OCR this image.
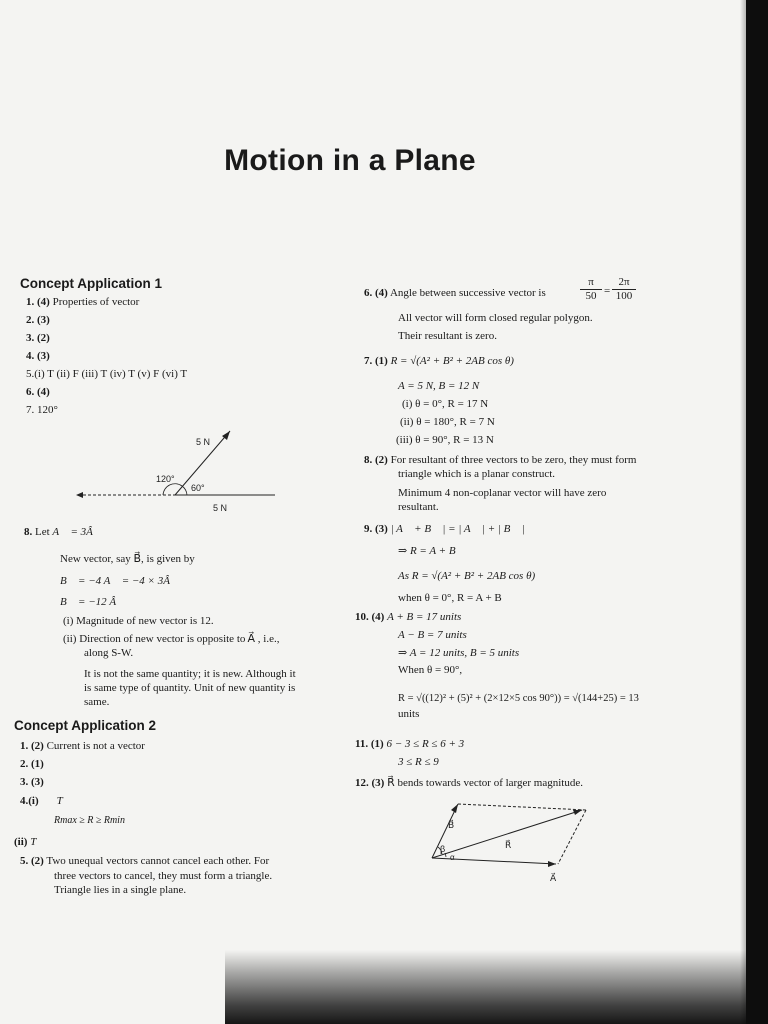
Motion in a Plane
Concept Application 1
1. (4) Properties of vector
2. (3)
3. (2)
4. (3)
5.(i) T (ii) F (iii) T (iv) T (v) F (vi) T
6. (4)
7. 120°
5 N
120°
60°
5 N
8. Let A⃗ = 3Â
New vector, say B⃗, is given by
B⃗ = −4 A⃗ = −4 × 3Â
B⃗ = −12 Â
(i) Magnitude of new vector is 12.
(ii) Direction of new vector is opposite to A⃗ , i.e.,
along S-W.
It is not the same quantity; it is new. Although it
is same type of quantity. Unit of new quantity is
same.
Concept Application 2
1. (2) Current is not a vector
2. (1)
3. (3)
4.(i) T
Rmax ≥ R ≥ Rmin
(ii) T
5. (2) Two unequal vectors cannot cancel each other. For
three vectors to cancel, they must form a triangle.
Triangle lies in a single plane.
6. (4) Angle between successive vector is	$\frac{\pi}{50} = \frac{2\pi}{100}$
All vector will form closed regular polygon.
Their resultant is zero.
7. (1) R = √(A² + B² + 2AB cos θ)
A = 5 N, B = 12 N
(i) θ = 0°, R = 17 N
(ii) θ = 180°, R = 7 N
(iii) θ = 90°, R = 13 N
8. (2) For resultant of three vectors to be zero, they must form
triangle which is a planar construct.
Minimum 4 non-coplanar vector will have zero
resultant.
9. (3) | A⃗ + B⃗ | = | A⃗ | + | B⃗ |
⇒ R = A + B
As R = √(A² + B² + 2AB cos θ)
when θ = 0°, R = A + B
10. (4) A + B = 17 units
A − B = 7 units
⇒ A = 12 units, B = 5 units
When θ = 90°,
R = √((12)² + (5)² + (2×12×5 cos 90°)) = √(144+25) = 13
units
11. (1) 6 − 3 ≤ R ≤ 6 + 3
3 ≤ R ≤ 9
12. (3) R⃗ bends towards vector of larger magnitude.
B⃗
R⃗
A⃗
β
α
